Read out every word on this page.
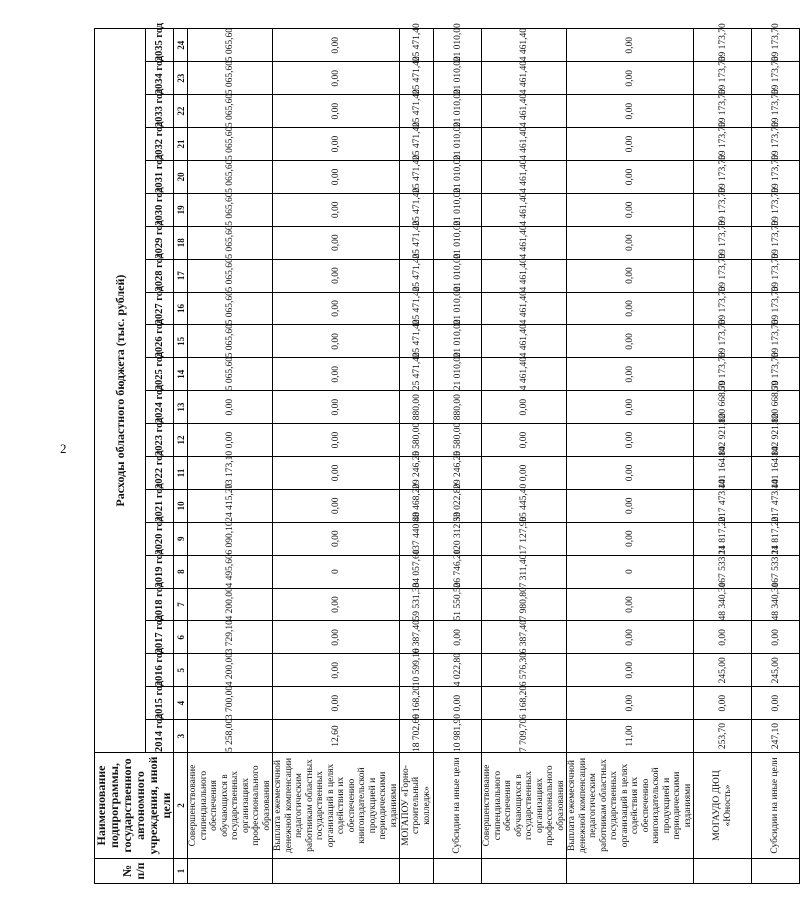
2
№ п/п	Наименование подпрограммы, государственного автономного учреждения, иной цели	Расходы областного бюджета (тыс. рублей)																					
		2014 год	2015 год	2016 год	2017 год	2018 год	2019 год	2020 год	2021 год	2022 год	2023 год	2024 год	2025 год	2026 год	2027 год	2028 год	2029 год	2030 год	2031 год	2032 год	2033 год	2034 год	2035 год
1	2	3	4	5	6	7	8	9	10	11	12	13	14	15	16	17	18	19	20	21	22	23	24
	Совершенствование стипендиального обеспечения обучающихся в государственных организациях профессионального образования	5 258,00	3 700,00	4 200,00	3 729,10	4 200,00	4 495,60	6 090,10	24 415,20	73 173,10	0,00	0,00	5 065,60	5 065,60	5 065,60	5 065,60	5 065,60	5 065,60	5 065,60	5 065,60	5 065,60	5 065,60	5 065,60
	Выплата ежемесячной денежной компенсации педагогическим работникам областных государственных организаций в целях содействия их обеспечению книгоиздательской продукцией и периодическими изданиями	12,60	0,00	0,00	0,00	0,00	0	0,00	0,00	0,00	0,00	0,00	0,00	0,00	0,00	0,00	0,00	0,00	0,00	0,00	0,00	0,00	0,00
	МОГАПОУ «Горно-строительный колледж»	18 702,60	6 168,20	10 599,10	6 387,40	59 531,30	34 057,60	137 440,40	88 468,20	29 246,20	5 580,00	880,00	25 471,40	25 471,40	25 471,40	25 471,40	25 471,40	25 471,40	25 471,40	25 471,40	25 471,40	25 471,40	25 471,40
	Субсидии на иные цели	10 981,90	0,00	4 022,80	0,00	51 550,50	26 746,20	120 312,50	33 022,80	29 246,20	5 580,00	880,00	21 010,00	21 010,00	21 010,00	21 010,00	21 010,00	21 010,00	21 010,00	21 010,00	21 010,00	21 010,00	21 010,00
	Совершенствование стипендиального обеспечения обучающихся в государственных организациях профессионального образования	7 709,70	6 168,20	6 576,30	6 387,40	7 980,80	7 311,40	17 127,90	55 445,40	0,00	0,00	0,00	4 461,40	4 461,40	4 461,40	4 461,40	4 461,40	4 461,40	4 461,40	4 461,40	4 461,40	4 461,40	4 461,40
	Выплата ежемесячной денежной компенсации педагогическим работникам областных государственных организаций в целях содействия их обеспечению книгоиздательской продукцией и периодическими изданиями	11,00	0,00	0,00	0,00	0,00	0	0,00	0,00	0,00	0,00	0,00	0,00	0,00	0,00	0,00	0,00	0,00	0,00	0,00	0,00	0,00	0,00
	МОГАУДО ДЮЦ «Юность»	253,70	0,00	245,00	0,00	48 340,30	167 533,11	24 817,20	217 473,40	141 164,80	142 921,80	120 668,70	59 173,70	59 173,70	59 173,70	59 173,70	59 173,70	59 173,70	59 173,70	59 173,70	59 173,70	59 173,70	59 173,70
	Субсидии на иные цели	247,10	0,00	245,00	0,00	48 340,30	167 533,11	24 817,20	217 473,40	141 164,80	142 921,80	120 668,70	59 173,70	59 173,70	59 173,70	59 173,70	59 173,70	59 173,70	59 173,70	59 173,70	59 173,70	59 173,70	59 173,70
